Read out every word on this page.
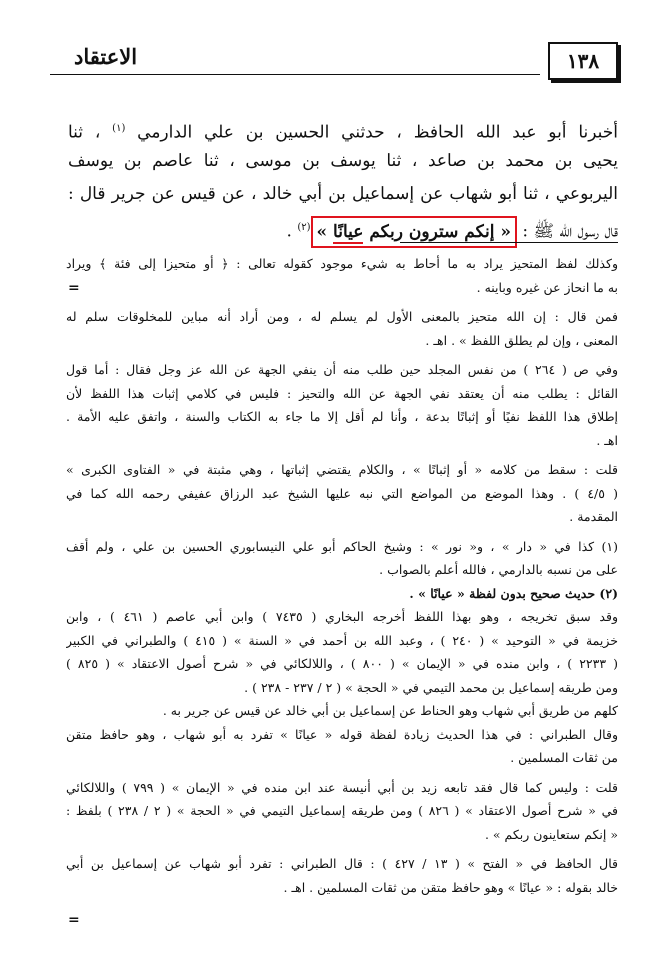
الاعتقاد	١٣٨
أخبرنا أبو عبد الله الحافظ ، حدثني الحسين بن علي الدارمي $^{(١)}$ ، ثنا
يحيى بن محمد بن صاعد ، ثنا يوسف بن موسى ، ثنا عاصم بن يوسف
اليربوعي ، ثنا أبو شهاب عن إسماعيل بن أبي خالد ، عن قيس عن جرير قال :
قال رسول الله ﷺ : « إنكم سترون ربكم عيانًا »$^{(٢)}$ .
=
=
وكذلك لفظ المتحيز يراد به ما أحاط به شيء موجود كقوله تعالى : ﴿ أو متحيزا إلى فئة ﴾ ويراد
به ما انحاز عن غيره وباينه .
فمن قال : إن الله متحيز بالمعنى الأول لم يسلم له ، ومن أراد أنه مباين للمخلوقات سلم له
المعنى ، وإن لم يطلق اللفظ » . اهـ .
وفي ص ( ٢٦٤ ) من نفس المجلد حين طلب منه أن ينفي الجهة عن الله عز وجل فقال : أما قول
القائل : يطلب منه أن يعتقد نفي الجهة عن الله والتحيز : فليس في كلامي إثبات هذا اللفظ لأن
إطلاق هذا اللفظ نفيًا أو إثباتًا بدعة ، وأنا لم أقل إلا ما جاء به الكتاب والسنة ، واتفق عليه الأمة .
اهـ .
قلت : سقط من كلامه « أو إثباتًا » ، والكلام يقتضي إثباتها ، وهي مثبتة في « الفتاوى الكبرى »
( ٤/٥ ) . وهذا الموضع من المواضع التي نبه عليها الشيخ عبد الرزاق عفيفي رحمه الله كما في
المقدمة .
(١) كذا في « دار » ، و« نور » : وشيخ الحاكم أبو علي النيسابوري الحسين بن علي ، ولم أقف
على من نسبه بالدارمي ، فالله أعلم بالصواب .
(٢) حديث صحيح بدون لفظة « عيانًا » .
وقد سبق تخريجه ، وهو بهذا اللفظ أخرجه البخاري ( ٧٤٣٥ ) وابن أبي عاصم ( ٤٦١ ) ، وابن
خزيمة في « التوحيد » ( ٢٤٠ ) ، وعبد الله بن أحمد في « السنة » ( ٤١٥ ) والطبراني في الكبير
( ٢٢٣٣ ) ، وابن منده في « الإيمان » ( ٨٠٠ ) ، واللالكائي في « شرح أصول الاعتقاد » ( ٨٢٥ )
ومن طريقه إسماعيل بن محمد التيمي في « الحجة » ( ٢ / ٢٣٧ - ٢٣٨ ) .
كلهم من طريق أبي شهاب وهو الحناط عن إسماعيل بن أبي خالد عن قيس عن جرير به .
وقال الطبراني : في هذا الحديث زيادة لفظة قوله « عيانًا » تفرد به أبو شهاب ، وهو حافظ متقن
من ثقات المسلمين .
قلت : وليس كما قال فقد تابعه زيد بن أبي أنيسة عند ابن منده في « الإيمان » ( ٧٩٩ ) واللالكائي
في « شرح أصول الاعتقاد » ( ٨٢٦ ) ومن طريقه إسماعيل التيمي في « الحجة » ( ٢ / ٢٣٨ ) بلفظ :
« إنكم ستعاينون ربكم » .
قال الحافظ في « الفتح » ( ١٣ / ٤٢٧ ) : قال الطبراني : تفرد أبو شهاب عن إسماعيل بن أبي
خالد بقوله : « عيانًا » وهو حافظ متقن من ثقات المسلمين . اهـ .
